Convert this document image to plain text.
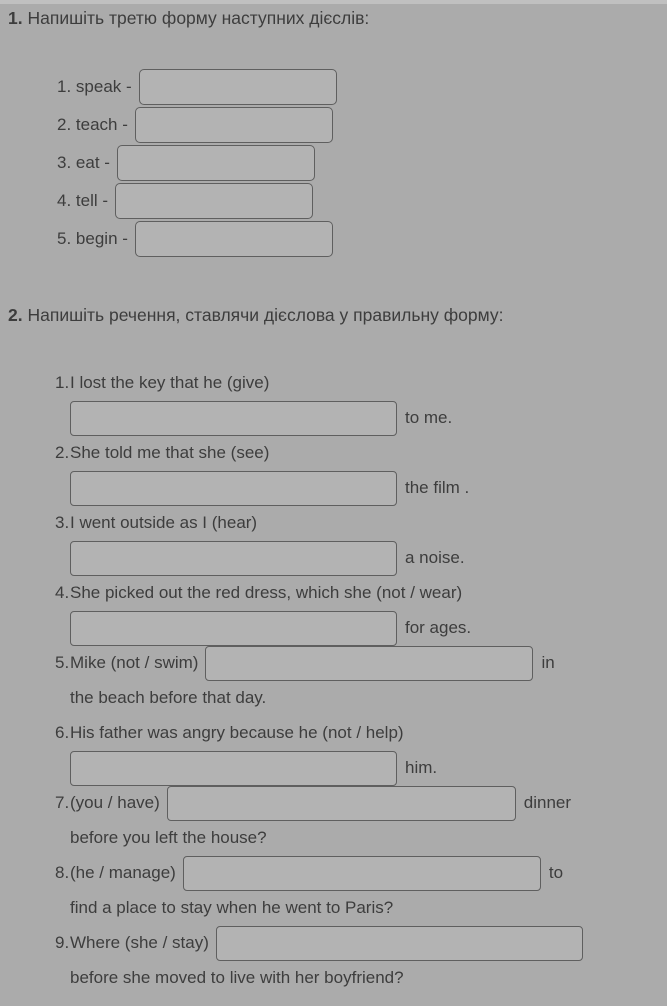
1. Напишіть третю форму наступних дієслів:

1.
speak -
2.
teach -
3.
eat -
4.
tell -
5.
begin -

2. Напишіть речення, ставлячи дієслова у правильну форму:

1. I lost the key that he (give)
to me.
2. She told me that she (see)
the film .
3. I went outside as I (hear)
a noise.
4. She picked out the red dress, which she (not / wear)
for ages.
5. Mike (not / swim)	in
the beach before that day.
6. His father was angry because he (not / help)
him.
7. (you / have)	dinner
before you left the house?
8. (he / manage)	to
find a place to stay when he went to Paris?
9. Where (she / stay)
before she moved to live with her boyfriend?
